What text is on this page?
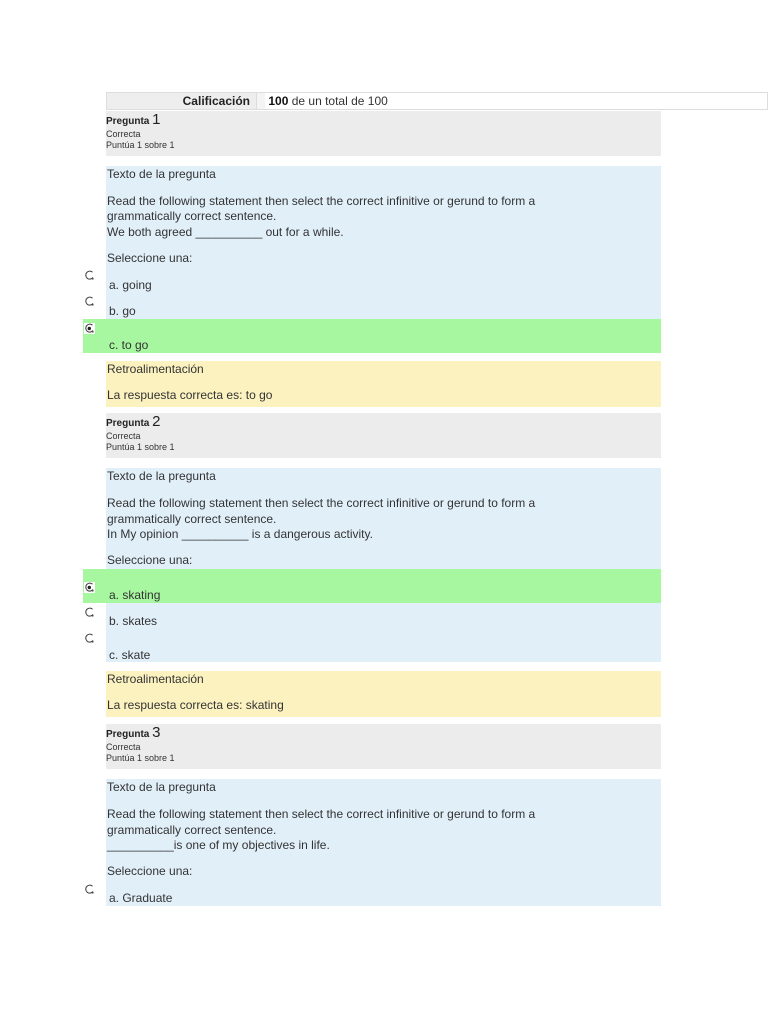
Calificación	100 de un total de 100
Pregunta 1
Correcta
Puntúa 1 sobre 1
Texto de la pregunta
Read the following statement then select the correct infinitive or gerund to form a
grammatically correct sentence.
We both agreed __________ out for a while.
Seleccione una:
a. going
b. go
c. to go
Retroalimentación
La respuesta correcta es: to go
Pregunta 2
Correcta
Puntúa 1 sobre 1
Texto de la pregunta
Read the following statement then select the correct infinitive or gerund to form a
grammatically correct sentence.
In My opinion __________ is a dangerous activity.
Seleccione una:
a. skating
b. skates
c. skate
Retroalimentación
La respuesta correcta es: skating
Pregunta 3
Correcta
Puntúa 1 sobre 1
Texto de la pregunta
Read the following statement then select the correct infinitive or gerund to form a
grammatically correct sentence.
__________is one of my objectives in life.
Seleccione una:
a. Graduate
